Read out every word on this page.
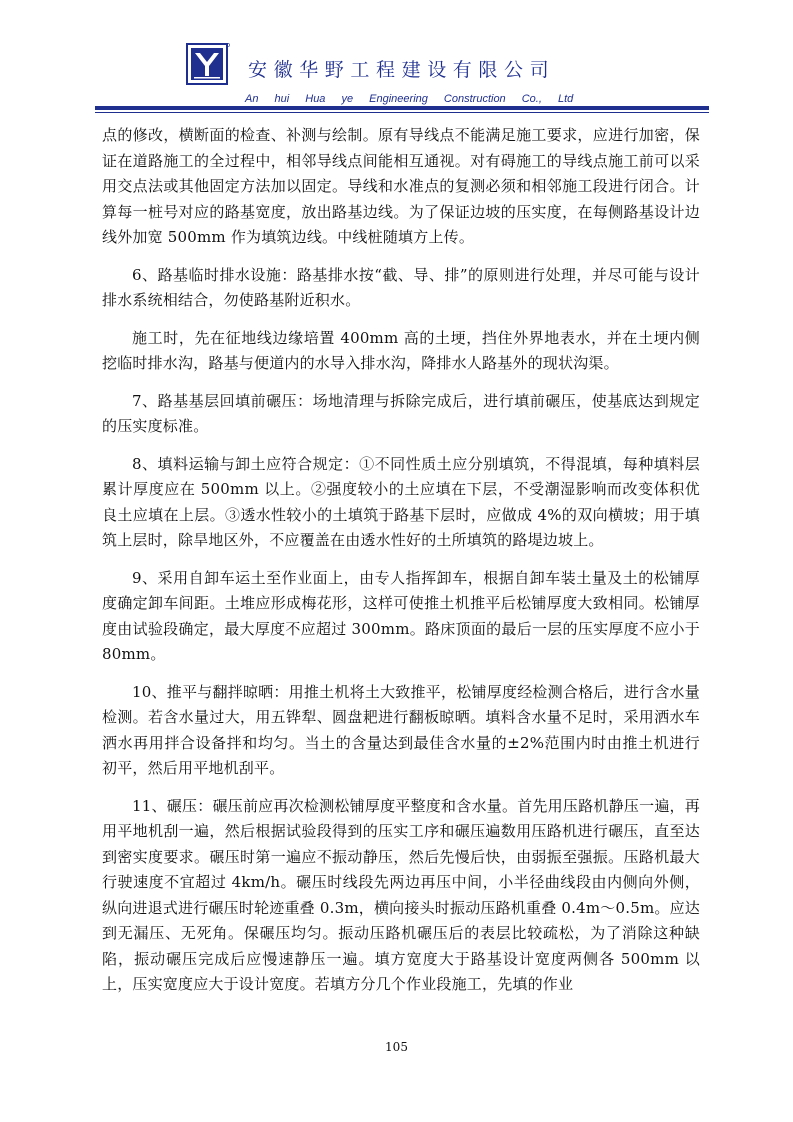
安徽华野工程建设有限公司
An hui Hua ye Engineering Construction Co., Ltd

点的修改，横断面的检查、补测与绘制。原有导线点不能满足施工要求，应进行加密，保证在道路施工的全过程中，相邻导线点间能相互通视。对有碍施工的导线点施工前可以采用交点法或其他固定方法加以固定。导线和水准点的复测必须和相邻施工段进行闭合。计算每一桩号对应的路基宽度，放出路基边线。为了保证边坡的压实度，在每侧路基设计边线外加宽 500mm 作为填筑边线。中线桩随填方上传。

6、路基临时排水设施：路基排水按“截、导、排”的原则进行处理，并尽可能与设计排水系统相结合，勿使路基附近积水。

施工时，先在征地线边缘培置 400mm 高的土埂，挡住外界地表水，并在土埂内侧挖临时排水沟，路基与便道内的水导入排水沟，降排水人路基外的现状沟渠。

7、路基基层回填前碾压：场地清理与拆除完成后，进行填前碾压，使基底达到规定的压实度标准。

8、填料运输与卸土应符合规定：①不同性质土应分别填筑，不得混填，每种填料层累计厚度应在 500mm 以上。②强度较小的土应填在下层，不受潮湿影响而改变体积优良土应填在上层。③透水性较小的土填筑于路基下层时，应做成 4%的双向横坡；用于填筑上层时，除旱地区外，不应覆盖在由透水性好的土所填筑的路堤边坡上。

9、采用自卸车运土至作业面上，由专人指挥卸车，根据自卸车装土量及土的松铺厚度确定卸车间距。土堆应形成梅花形，这样可使推土机推平后松铺厚度大致相同。松铺厚度由试验段确定，最大厚度不应超过 300mm。路床顶面的最后一层的压实厚度不应小于 80mm。

10、推平与翻拌晾晒：用推土机将土大致推平，松铺厚度经检测合格后，进行含水量检测。若含水量过大，用五铧犁、圆盘耙进行翻板晾晒。填料含水量不足时，采用洒水车洒水再用拌合设备拌和均匀。当土的含量达到最佳含水量的±2%范围内时由推土机进行初平，然后用平地机刮平。

11、碾压：碾压前应再次检测松铺厚度平整度和含水量。首先用压路机静压一遍，再用平地机刮一遍，然后根据试验段得到的压实工序和碾压遍数用压路机进行碾压，直至达到密实度要求。碾压时第一遍应不振动静压，然后先慢后快，由弱振至强振。压路机最大行驶速度不宜超过 4km/h。碾压时线段先两边再压中间，小半径曲线段由内侧向外侧，纵向进退式进行碾压时轮迹重叠 0.3m，横向接头时振动压路机重叠 0.4m～0.5m。应达到无漏压、无死角。保碾压均匀。振动压路机碾压后的表层比较疏松，为了消除这种缺陷，振动碾压完成后应慢速静压一遍。填方宽度大于路基设计宽度两侧各 500mm 以上，压实宽度应大于设计宽度。若填方分几个作业段施工，先填的作业

105
